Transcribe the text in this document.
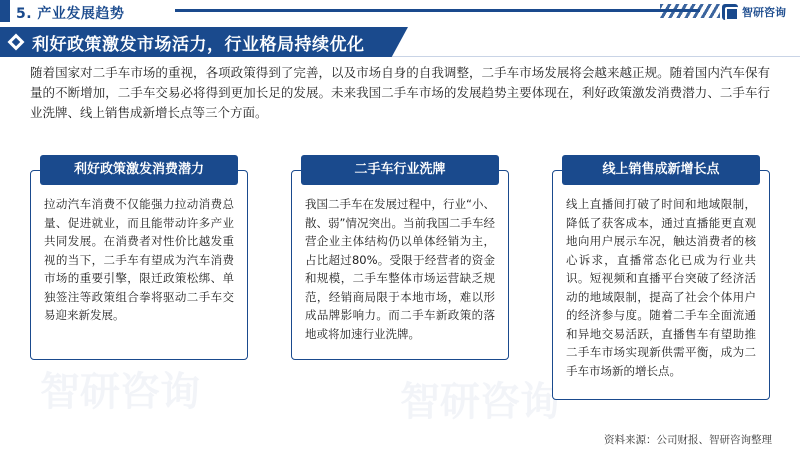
5. 产业发展趋势	智研咨询
利好政策激发市场活力，行业格局持续优化
随着国家对二手车市场的重视，各项政策得到了完善，以及市场自身的自我调整，二手车市场发展将会越来越正规。随着国内汽车保有量的不断增加，二手车交易必将得到更加长足的发展。未来我国二手车市场的发展趋势主要体现在，利好政策激发消费潜力、二手车行业洗牌、线上销售成新增长点等三个方面。
智研咨询	智研咨询
利好政策激发消费潜力
拉动汽车消费不仅能强力拉动消费总量、促进就业，而且能带动许多产业共同发展。在消费者对性价比越发重视的当下，二手车有望成为汽车消费市场的重要引擎，限迁政策松绑、单独签注等政策组合拳将驱动二手车交易迎来新发展。
二手车行业洗牌
我国二手车在发展过程中，行业“小、散、弱”情况突出。当前我国二手车经营企业主体结构仍以单体经销为主，占比超过80%。受限于经营者的资金和规模，二手车整体市场运营缺乏规范，经销商局限于本地市场，难以形成品牌影响力。而二手车新政策的落地或将加速行业洗牌。
线上销售成新增长点
线上直播间打破了时间和地域限制，降低了获客成本，通过直播能更直观地向用户展示车况，触达消费者的核心诉求，直播常态化已成为行业共识。短视频和直播平台突破了经济活动的地域限制，提高了社会个体用户的经济参与度。随着二手车全面流通和异地交易活跃，直播售车有望助推二手车市场实现新供需平衡，成为二手车市场新的增长点。
资料来源：公司财报、智研咨询整理
